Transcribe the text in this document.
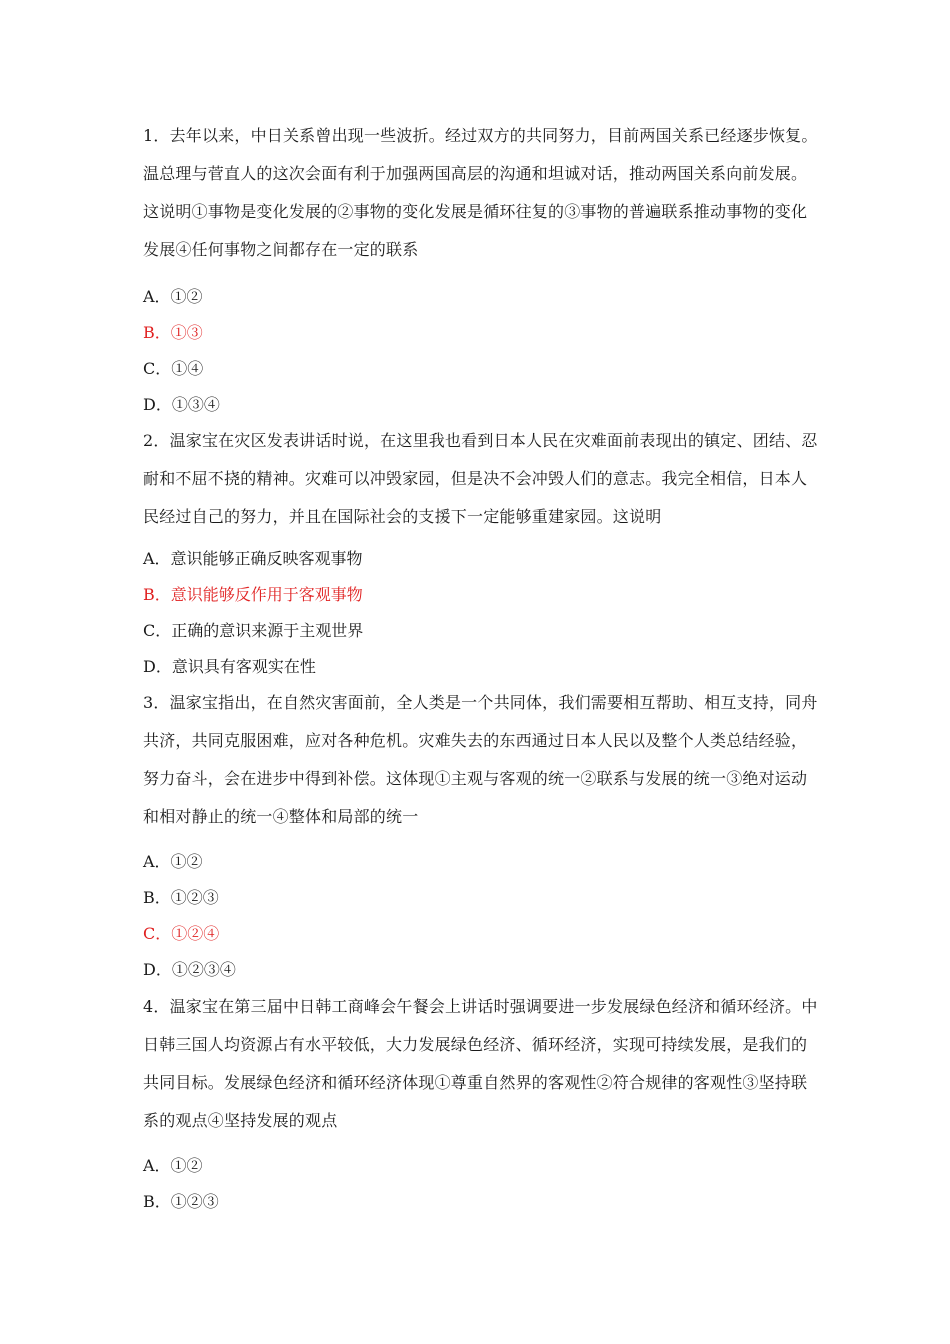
1．去年以来，中日关系曾出现一些波折。经过双方的共同努力，目前两国关系已经逐步恢复。温总理与菅直人的这次会面有利于加强两国高层的沟通和坦诚对话，推动两国关系向前发展。这说明①事物是变化发展的②事物的变化发展是循环往复的③事物的普遍联系推动事物的变化发展④任何事物之间都存在一定的联系
A．①②
B．①③
C．①④
D．①③④
2．温家宝在灾区发表讲话时说，在这里我也看到日本人民在灾难面前表现出的镇定、团结、忍耐和不屈不挠的精神。灾难可以冲毁家园，但是决不会冲毁人们的意志。我完全相信，日本人民经过自己的努力，并且在国际社会的支援下一定能够重建家园。这说明
A．意识能够正确反映客观事物
B．意识能够反作用于客观事物
C．正确的意识来源于主观世界
D．意识具有客观实在性
3．温家宝指出，在自然灾害面前，全人类是一个共同体，我们需要相互帮助、相互支持，同舟共济，共同克服困难，应对各种危机。灾难失去的东西通过日本人民以及整个人类总结经验，努力奋斗，会在进步中得到补偿。这体现①主观与客观的统一②联系与发展的统一③绝对运动和相对静止的统一④整体和局部的统一
A．①②
B．①②③
C．①②④
D．①②③④
4．温家宝在第三届中日韩工商峰会午餐会上讲话时强调要进一步发展绿色经济和循环经济。中日韩三国人均资源占有水平较低，大力发展绿色经济、循环经济，实现可持续发展，是我们的共同目标。发展绿色经济和循环经济体现①尊重自然界的客观性②符合规律的客观性③坚持联系的观点④坚持发展的观点
A．①②
B．①②③
